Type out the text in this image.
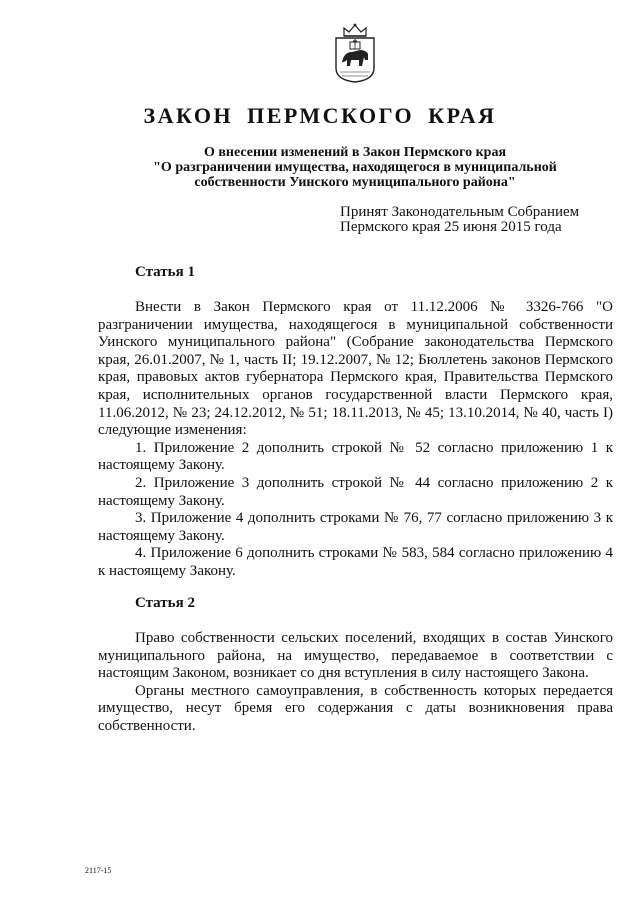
ЗАКОН ПЕРМСКОГО КРАЯ
О внесении изменений в Закон Пермского края
"О разграничении имущества, находящегося в муниципальной
собственности Уинского муниципального района"
Принят Законодательным Собранием
Пермского края 25 июня 2015 года
Статья 1

Внести в Закон Пермского края от 11.12.2006 № 3326-766 "О разграничении имущества, находящегося в муниципальной собственности Уинского муниципального района" (Собрание законодательства Пермского края, 26.01.2007, № 1, часть II; 19.12.2007, № 12; Бюллетень законов Пермского края, правовых актов губернатора Пермского края, Правительства Пермского края, исполнительных органов государственной власти Пермского края, 11.06.2012, № 23; 24.12.2012, № 51; 18.11.2013, № 45; 13.10.2014, № 40, часть I) следующие изменения:

1. Приложение 2 дополнить строкой № 52 согласно приложению 1 к настоящему Закону.

2. Приложение 3 дополнить строкой № 44 согласно приложению 2 к настоящему Закону.

3. Приложение 4 дополнить строками № 76, 77 согласно приложению 3 к настоящему Закону.

4. Приложение 6 дополнить строками № 583, 584 согласно приложению 4 к настоящему Закону.

Статья 2

Право собственности сельских поселений, входящих в состав Уинского муниципального района, на имущество, передаваемое в соответствии с настоящим Законом, возникает со дня вступления в силу настоящего Закона.

Органы местного самоуправления, в собственность которых передается имущество, несут бремя его содержания с даты возникновения права собственности.

2117-15
